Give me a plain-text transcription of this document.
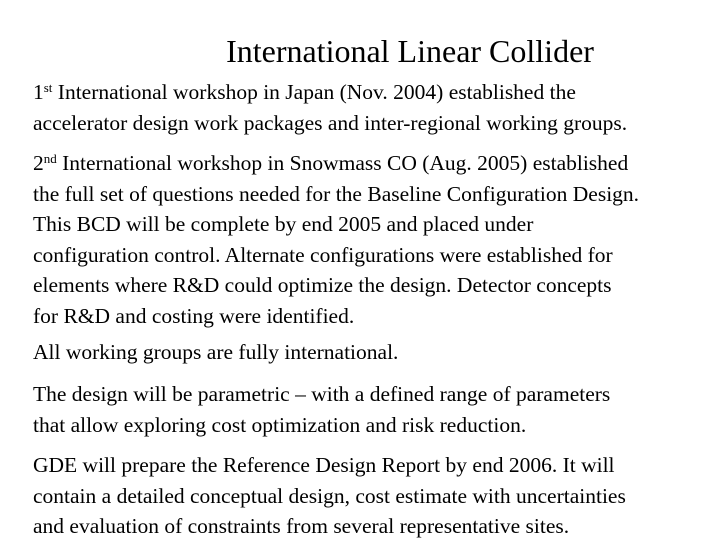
International Linear Collider
1st International workshop in Japan (Nov. 2004) established the
accelerator design work packages and inter-regional working groups.
2nd International workshop in Snowmass CO (Aug. 2005) established
the full set of questions needed for the Baseline Configuration Design.
This BCD will be complete by end 2005 and placed under
configuration control. Alternate configurations were established for
elements where R&D could optimize the design. Detector concepts
for R&D and costing were identified.
All working groups are fully international.
The design will be parametric – with a defined range of parameters
that allow exploring cost optimization and risk reduction.
GDE will prepare the Reference Design Report by end 2006. It will
contain a detailed conceptual design, cost estimate with uncertainties
and evaluation of constraints from several representative sites.
